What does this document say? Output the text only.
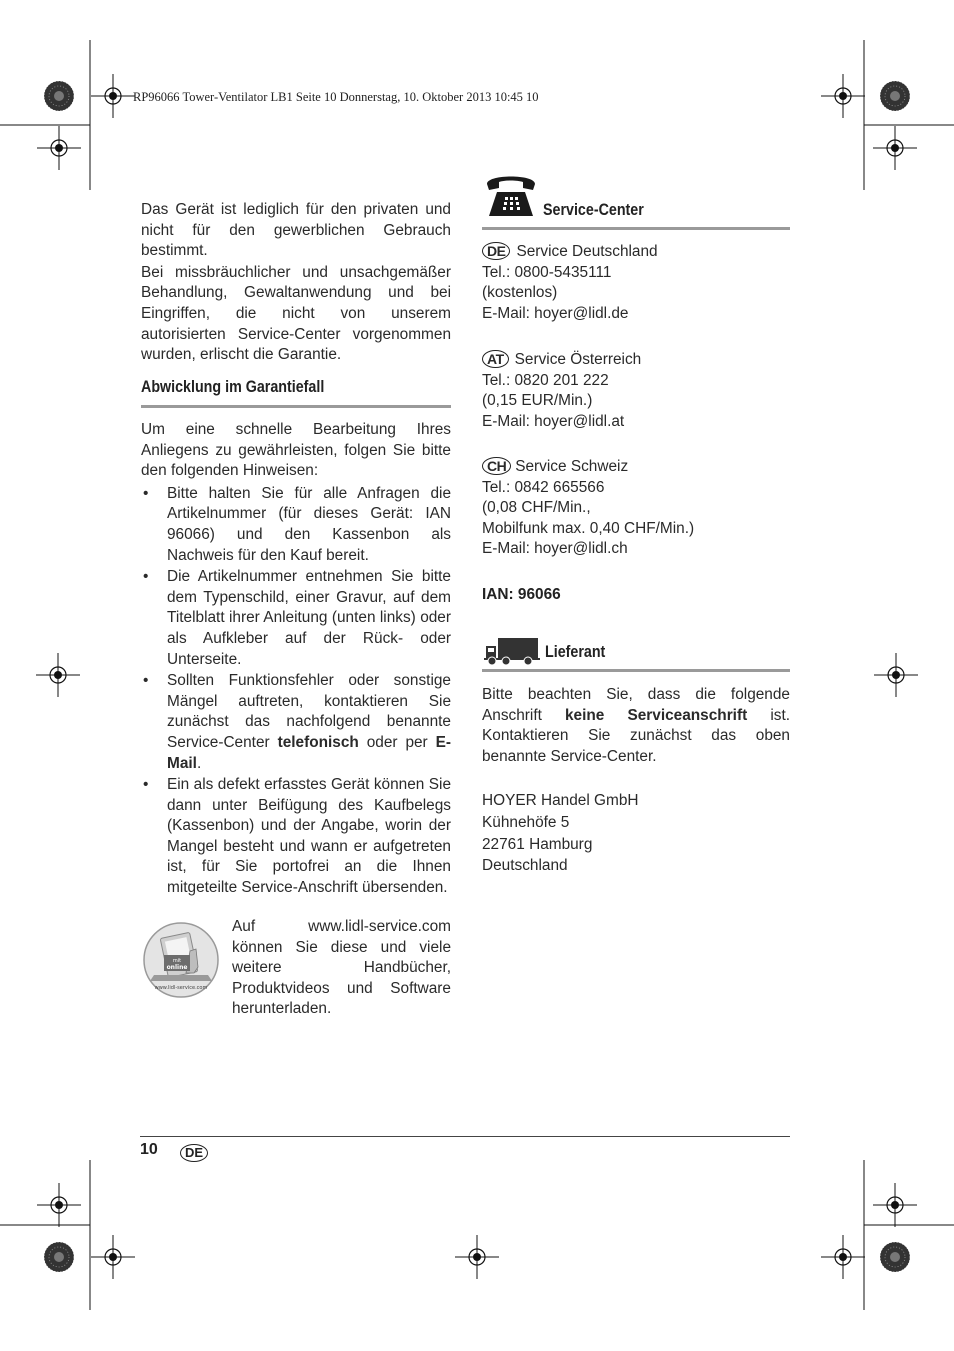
RP96066 Tower-Ventilator LB1 Seite 10 Donnerstag, 10. Oktober 2013 10:45 10

Das Gerät ist lediglich für den privaten und nicht für den gewerblichen Gebrauch bestimmt.

Bei missbräuchlicher und unsachgemäßer Behandlung, Gewaltanwendung und bei Eingriffen, die nicht von unserem autorisierten Service-Center vorgenommen wurden, erlischt die Garantie.

Abwicklung im Garantiefall

Um eine schnelle Bearbeitung Ihres Anliegens zu gewährleisten, folgen Sie bitte den folgenden Hinweisen:

• Bitte halten Sie für alle Anfragen die Artikelnummer (für dieses Gerät: IAN 96066) und den Kassenbon als Nachweis für den Kauf bereit.
• Die Artikelnummer entnehmen Sie bitte dem Typenschild, einer Gravur, auf dem Titelblatt ihrer Anleitung (unten links) oder als Aufkleber auf der Rück- oder Unterseite.
• Sollten Funktionsfehler oder sonstige Mängel auftreten, kontaktieren Sie zunächst das nachfolgend benannte Service-Center telefonisch oder per E-Mail.
• Ein als defekt erfasstes Gerät können Sie dann unter Beifügung des Kaufbelegs (Kassenbon) und der Angabe, worin der Mangel besteht und wann er aufgetreten ist, für Sie portofrei an die Ihnen mitgeteilte Service-Anschrift übersenden.
mit
online
www.lidl-service.com
Auf www.lidl-service.com können Sie diese und viele weitere Handbücher, Produktvideos und Software herunterladen.
Service-Center
DE Service Deutschland
Tel.: 0800-5435111
(kostenlos)
E-Mail: hoyer@lidl.de
AT Service Österreich
Tel.: 0820 201 222
(0,15 EUR/Min.)
E-Mail: hoyer@lidl.at
CH Service Schweiz
Tel.: 0842 665566
(0,08 CHF/Min.,
Mobilfunk max. 0,40 CHF/Min.)
E-Mail: hoyer@lidl.ch
IAN: 96066
Lieferant
Bitte beachten Sie, dass die folgende Anschrift keine Serviceanschrift ist. Kontaktieren Sie zunächst das oben benannte Service-Center.
HOYER Handel GmbH
Kühnehöfe 5
22761 Hamburg
Deutschland
10	DE
